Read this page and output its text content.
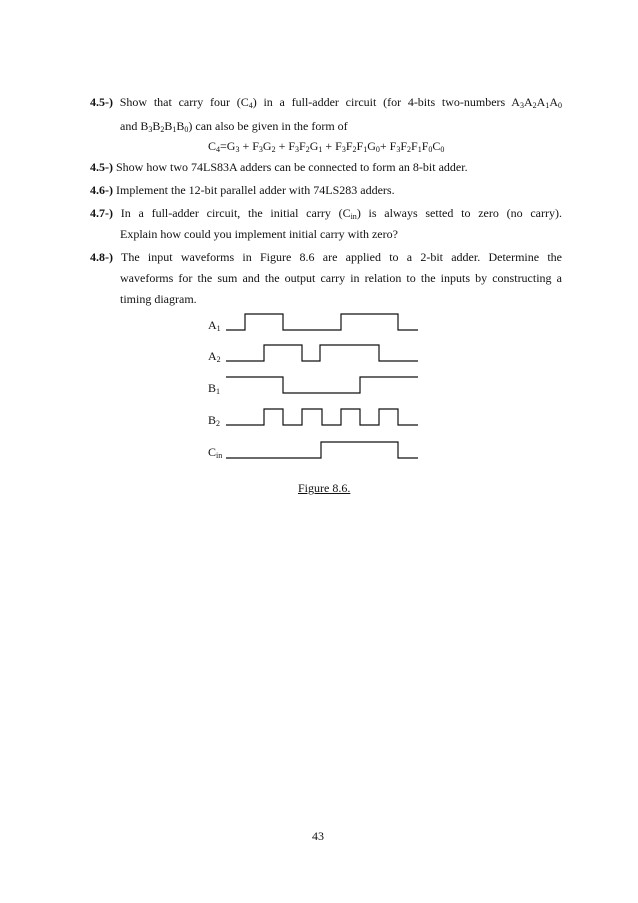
4.5-) Show that carry four $(C_4)$ in a full-adder circuit (for 4-bits two-numbers $A_3A_2A_1A_0$
and $B_3B_2B_1B_0$) can also be given in the form of
$C_4=G_3 + F_3G_2 + F_3F_2G_1 + F_3F_2F_1G_0+ F_3F_2F_1F_0C_0$
4.5-) Show how two 74LS83A adders can be connected to form an 8-bit adder.
4.6-) Implement the 12-bit parallel adder with 74LS283 adders.
4.7-) In a full-adder circuit, the initial carry $(C_{in})$ is always setted to zero (no carry).
Explain how could you implement initial carry with zero?
4.8-) The input waveforms in Figure 8.6 are applied to a 2-bit adder. Determine the
waveforms for the sum and the output carry in relation to the inputs by constructing a
timing diagram.
$A_1$
$A_2$
$B_1$
$B_2$
$C_{in}$
Figure 8.6.
43
